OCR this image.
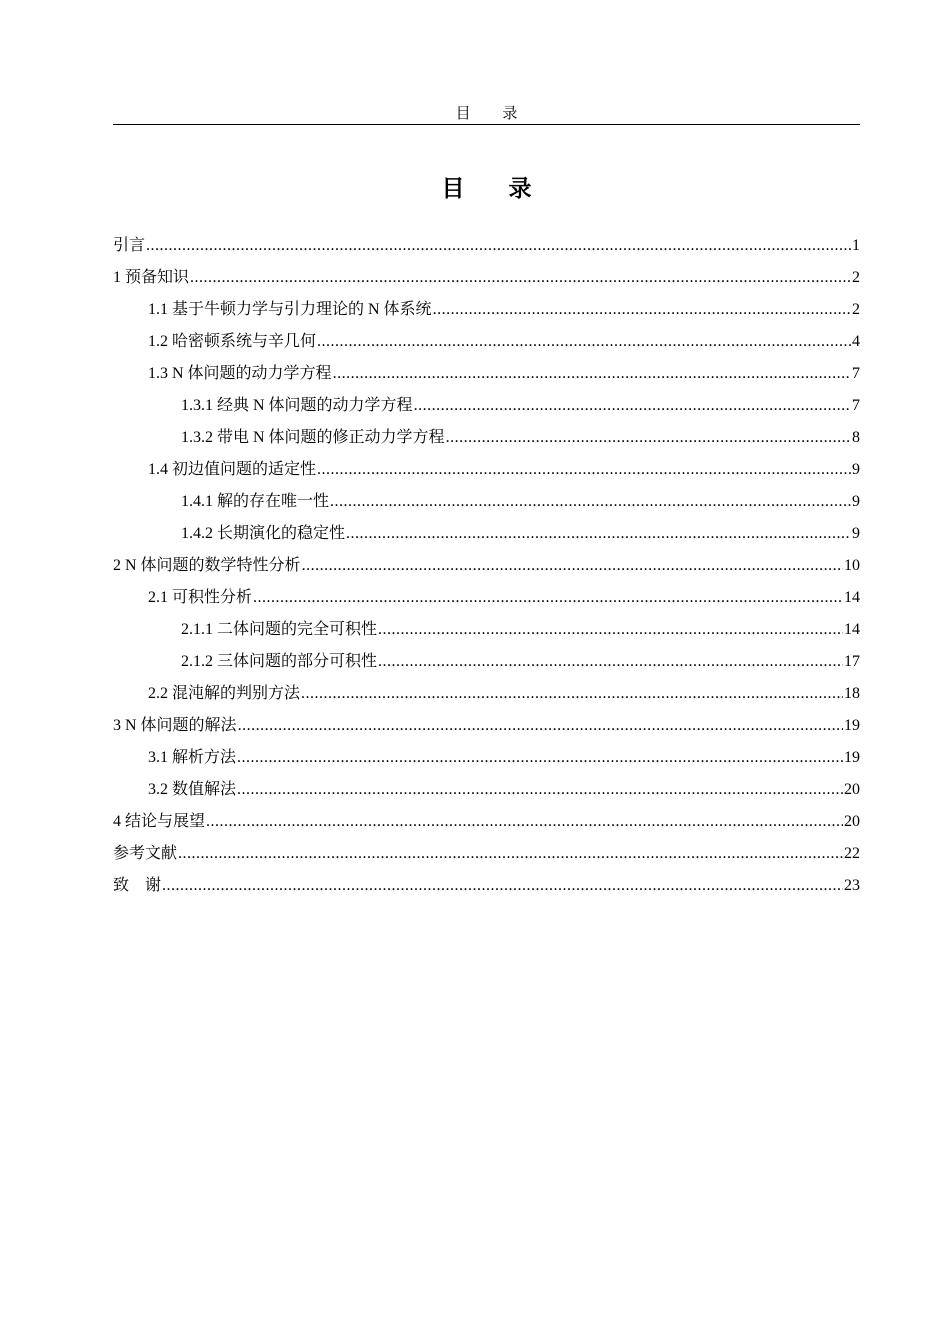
目 录
目 录
引言 .....	1
1 预备知识 .....	2
1.1 基于牛顿力学与引力理论的 N 体系统 .....	2
1.2 哈密顿系统与辛几何 .....	4
1.3 N 体问题的动力学方程 .....	7
1.3.1 经典 N 体问题的动力学方程 .....	7
1.3.2 带电 N 体问题的修正动力学方程 .....	8
1.4 初边值问题的适定性 .....	9
1.4.1 解的存在唯一性 .....	9
1.4.2 长期演化的稳定性 .....	9
2 N 体问题的数学特性分析 .....	10
2.1 可积性分析 .....	14
2.1.1 二体问题的完全可积性 .....	14
2.1.2 三体问题的部分可积性 .....	17
2.2 混沌解的判别方法 .....	18
3 N 体问题的解法 .....	19
3.1 解析方法 .....	19
3.2 数值解法 .....	20
4 结论与展望 .....	20
参考文献 .....	22
致　谢 .....	23
